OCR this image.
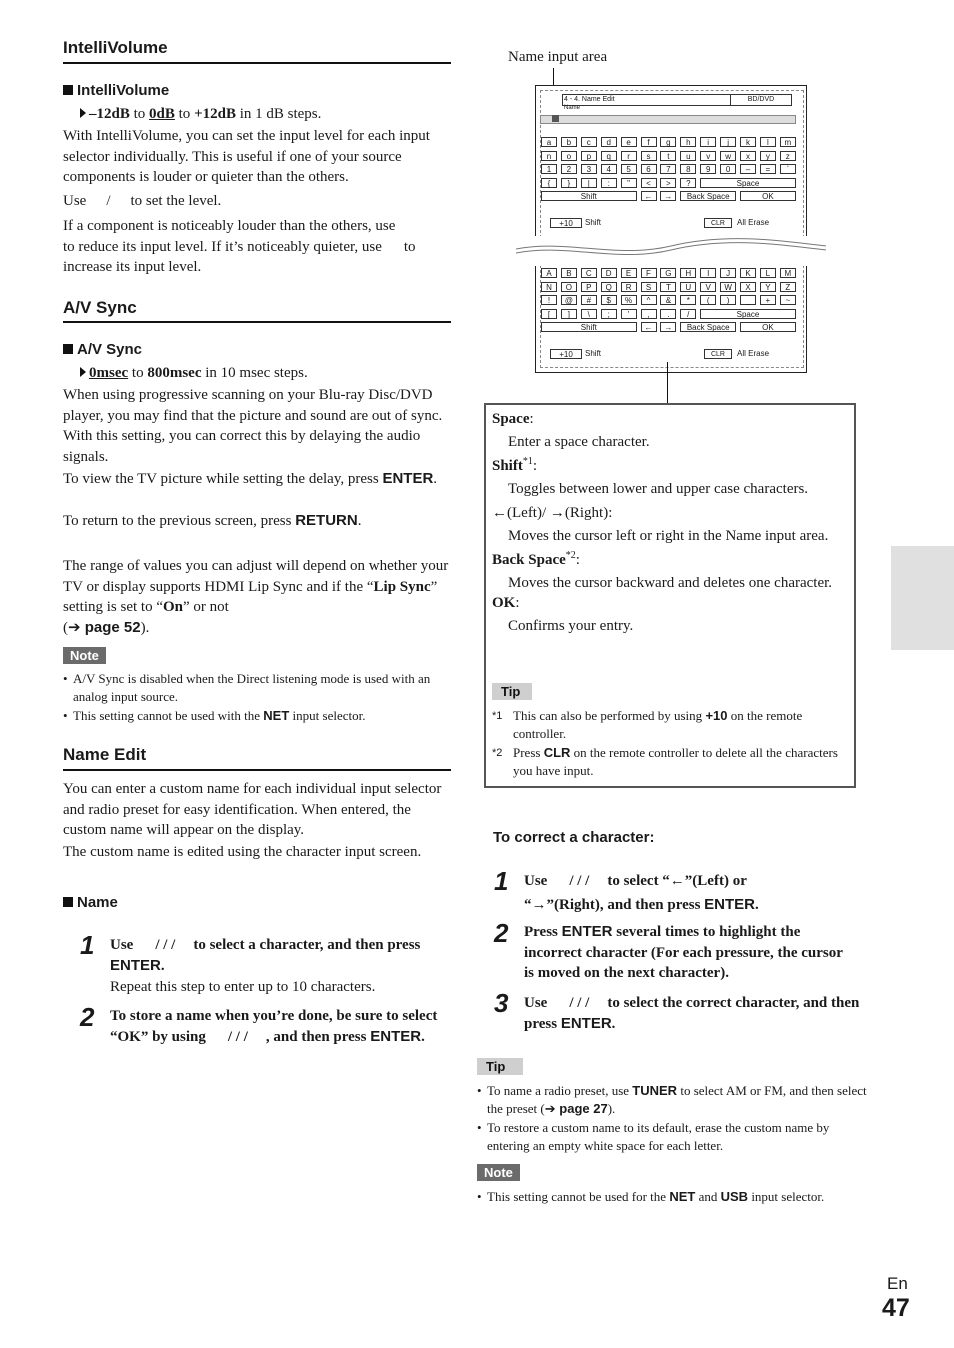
IntelliVolume
IntelliVolume
–12dB to 0dB to +12dB in 1 dB steps.
With IntelliVolume, you can set the input level for each input selector individually. This is useful if one of your source components is louder or quieter than the others.
Use / to set the level.
If a component is noticeably louder than the others, use
to reduce its input level. If it’s noticeably quieter, use to
increase its input level.
A/V Sync
A/V Sync
0msec to 800msec in 10 msec steps.
When using progressive scanning on your Blu-ray Disc/DVD player, you may find that the picture and sound are out of sync. With this setting, you can correct this by delaying the audio signals.
To view the TV picture while setting the delay, press ENTER.
To return to the previous screen, press RETURN.
The range of values you can adjust will depend on whether your TV or display supports HDMI Lip Sync and if the “Lip Sync” setting is set to “On” or not
(➔ page 52).
Note
• A/V Sync is disabled when the Direct listening mode is used with an analog input source.
• This setting cannot be used with the NET input selector.
Name Edit
You can enter a custom name for each individual input selector and radio preset for easy identification. When entered, the custom name will appear on the display.
The custom name is edited using the character input screen.
Name
1 Use / / / to select a character, and then press ENTER.
Repeat this step to enter up to 10 characters.
2 To store a name when you’re done, be sure to select “OK” by using / / / , and then press ENTER.
Name input area
4 - 4. Name Edit	BD/DVD
Name
a	b	c	d	e	f	g	h	i	j	k	l	m
n	o	p	q	r	s	t	u	v	w	x	y	z
1	2	3	4	5	6	7	8	9	0	–	=	`
{	}	|	:	"	<	>	?	Space
Shift	←	→	Back Space	OK
+10	Shift	CLR	All Erase
A	B	C	D	E	F	G	H	I	J	K	L	M
N	O	P	Q	R	S	T	U	V	W	X	Y	Z
!	@	#	$	%	^	&	*	(	)	_	+	~
[	]	\	;	'	,	.	/	Space
Shift	←	→	Back Space	OK
+10	Shift	CLR	All Erase
Space:
Enter a space character.
Shift$^{*1}$:
Toggles between lower and upper case characters.
←(Left)/ →(Right):
Moves the cursor left or right in the Name input area.
Back Space$^{*2}$:
Moves the cursor backward and deletes one character.
OK:
Confirms your entry.
Tip
*1 This can also be performed by using +10 on the remote controller.
*2 Press CLR on the remote controller to delete all the characters you have input.
To correct a character:
1 Use / / / to select “←”(Left) or
“→”(Right), and then press ENTER.
2 Press ENTER several times to highlight the incorrect character (For each pressure, the cursor is moved on the next character).
3 Use / / / to select the correct character, and then press ENTER.
Tip
• To name a radio preset, use TUNER to select AM or FM, and then select the preset (➔ page 27).
• To restore a custom name to its default, erase the custom name by entering an empty white space for each letter.
Note
• This setting cannot be used for the NET and USB input selector.
En
47
